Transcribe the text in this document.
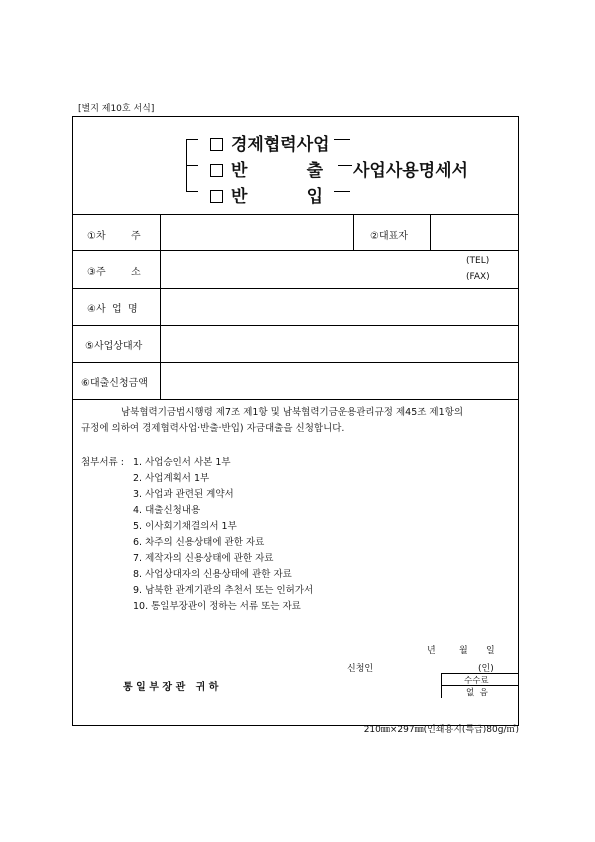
[별지 제10호 서식]
경제협력사업
반          출
반          입
사업사용명세서
①차        주	②대표자
③주        소
(TEL)
(FAX)
④사  업  명
⑤사업상대자
⑥대출신청금액
남북협력기금법시행령 제7조 제1항 및 남북협력기금운용관리규정 제45조 제1항의
규정에 의하여 경제협력사업·반출·반입) 자금대출을 신청합니다.
첨부서류 : 1. 사업승인서 사본 1부
2. 사업계획서 1부
3. 사업과 관련된 계약서
4. 대출신청내용
5. 이사회기채결의서 1부
6. 차주의 신용상태에 관한 자료
7. 제작자의 신용상태에 관한 자료
8. 사업상대자의 신용상태에 관한 자료
9. 남북한 관계기관의 추천서 또는 인허가서
10. 통일부장관이 정하는 서류 또는 자료
년	월 일
신청인	(인)
통 일 부 장 관   귀 하
수수료
없  음
210㎜×297㎜(인쇄용지(특급)80g/㎡)
